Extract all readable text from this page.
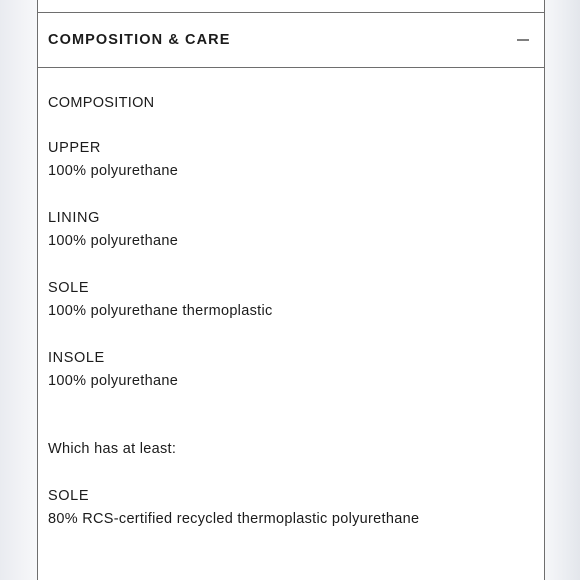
COMPOSITION & CARE
COMPOSITION
UPPER
100% polyurethane
LINING
100% polyurethane
SOLE
100% polyurethane thermoplastic
INSOLE
100% polyurethane
Which has at least:
SOLE
80% RCS-certified recycled thermoplastic polyurethane
